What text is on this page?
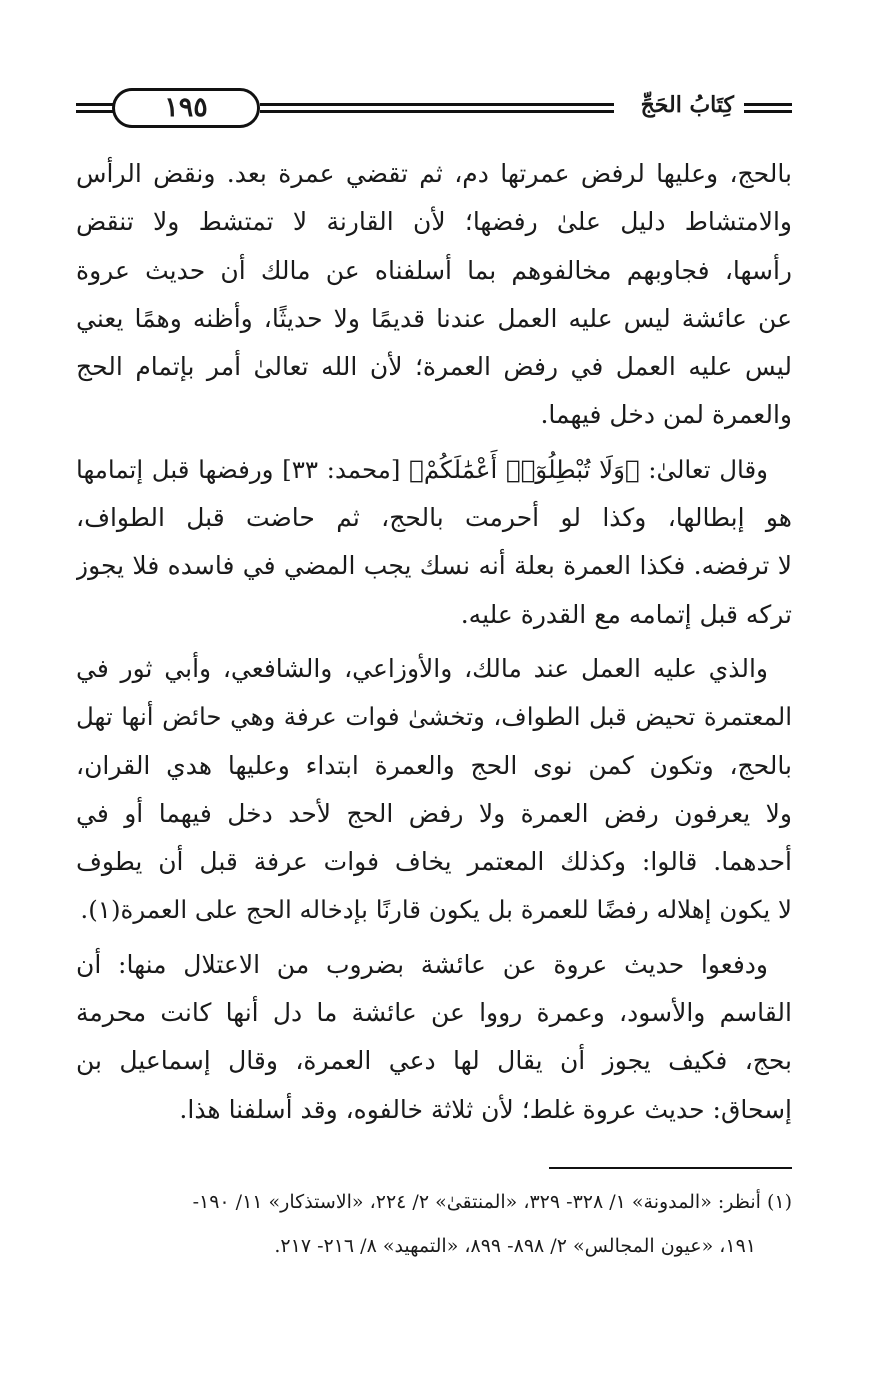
١٩٥	كِتَابُ الحَجِّ
بالحج، وعليها لرفض عمرتها دم، ثم تقضي عمرة بعد. ونقض الرأس
والامتشاط دليل علىٰ رفضها؛ لأن القارنة لا تمتشط ولا تنقض
رأسها، فجاوبهم مخالفوهم بما أسلفناه عن مالك أن حديث عروة
عن عائشة ليس عليه العمل عندنا قديمًا ولا حديثًا، وأظنه وهمًا يعني
ليس عليه العمل في رفض العمرة؛ لأن الله تعالىٰ أمر بإتمام الحج
والعمرة لمن دخل فيهما.
وقال تعالىٰ: ﴿وَلَا تُبْطِلُوٓا۟ أَعْمَٰلَكُمْ﴾ [محمد: ٣٣] ورفضها قبل إتمامها
هو إبطالها، وكذا لو أحرمت بالحج، ثم حاضت قبل الطواف،
لا ترفضه. فكذا العمرة بعلة أنه نسك يجب المضي في فاسده فلا يجوز
تركه قبل إتمامه مع القدرة عليه.
والذي عليه العمل عند مالك، والأوزاعي، والشافعي، وأبي ثور في
المعتمرة تحيض قبل الطواف، وتخشىٰ فوات عرفة وهي حائض أنها تهل
بالحج، وتكون كمن نوى الحج والعمرة ابتداء وعليها هدي القران،
ولا يعرفون رفض العمرة ولا رفض الحج لأحد دخل فيهما أو في
أحدهما. قالوا: وكذلك المعتمر يخاف فوات عرفة قبل أن يطوف
لا يكون إهلاله رفضًا للعمرة بل يكون قارنًا بإدخاله الحج على العمرة(١).
ودفعوا حديث عروة عن عائشة بضروب من الاعتلال منها: أن
القاسم والأسود، وعمرة رووا عن عائشة ما دل أنها كانت محرمة
بحج، فكيف يجوز أن يقال لها دعي العمرة، وقال إسماعيل بن
إسحاق: حديث عروة غلط؛ لأن ثلاثة خالفوه، وقد أسلفنا هذا.
(١) أنظر: «المدونة» ١/ ٣٢٨- ٣٢٩، «المنتقىٰ» ٢/ ٢٢٤، «الاستذكار» ١١/ ١٩٠-
١٩١، «عيون المجالس» ٢/ ٨٩٨- ٨٩٩، «التمهيد» ٨/ ٢١٦- ٢١٧.
